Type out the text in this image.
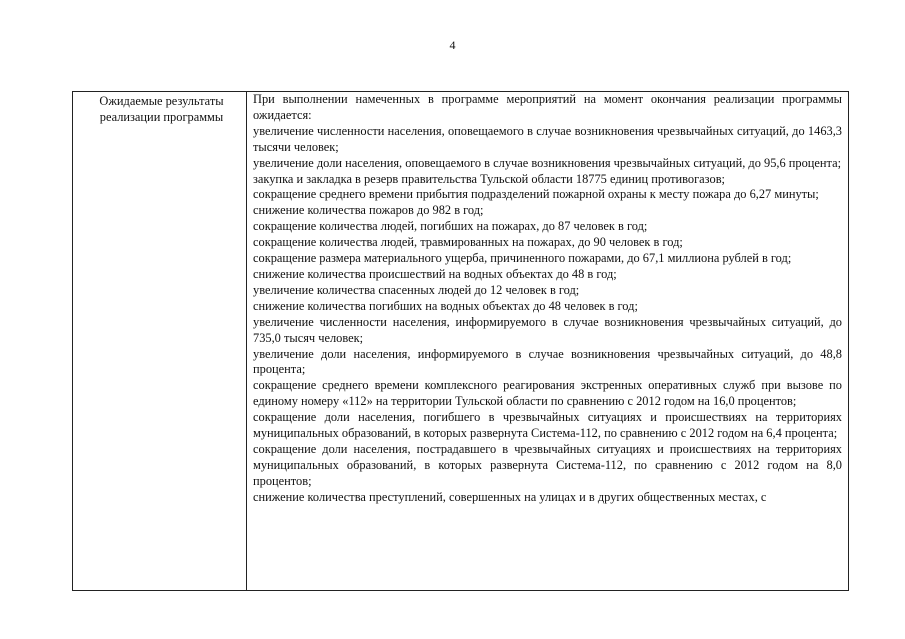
4
Ожидаемые результаты реализации программы

При выполнении намеченных в программе мероприятий на момент окончания реализации программы ожидается:

увеличение численности населения, оповещаемого в случае возникновения чрезвычайных ситуаций, до 1463,3 тысячи человек;

увеличение доли населения, оповещаемого в случае возникновения чрезвычайных ситуаций, до 95,6 процента;

закупка и закладка в резерв правительства Тульской области 18775 единиц противогазов;

сокращение среднего времени прибытия подразделений пожарной охраны к месту пожара до 6,27 минуты;

снижение количества пожаров до 982 в год;

сокращение количества людей, погибших на пожарах, до 87 человек в год;

сокращение количества людей, травмированных на пожарах, до 90 человек в год;

сокращение размера материального ущерба, причиненного пожарами, до 67,1 миллиона рублей в год;

снижение количества происшествий на водных объектах до 48 в год;

увеличение количества спасенных людей до 12 человек в год;

снижение количества погибших на водных объектах до 48 человек в год;

увеличение численности населения, информируемого в случае возникновения чрезвычайных ситуаций, до 735,0 тысяч человек;

увеличение доли населения, информируемого в случае возникновения чрезвычайных ситуаций, до 48,8 процента;

сокращение среднего времени комплексного реагирования экстренных оперативных служб при вызове по единому номеру «112» на территории Тульской области по сравнению с 2012 годом на 16,0 процентов;

сокращение доли населения, погибшего в чрезвычайных ситуациях и происшествиях на территориях муниципальных образований, в которых развернута Система-112, по сравнению с 2012 годом на 6,4 процента;

сокращение доли населения, пострадавшего в чрезвычайных ситуациях и происшествиях на территориях муниципальных образований, в которых развернута Система-112, по сравнению с 2012 годом на 8,0 процентов;

снижение количества преступлений, совершенных на улицах и в других общественных местах, с
